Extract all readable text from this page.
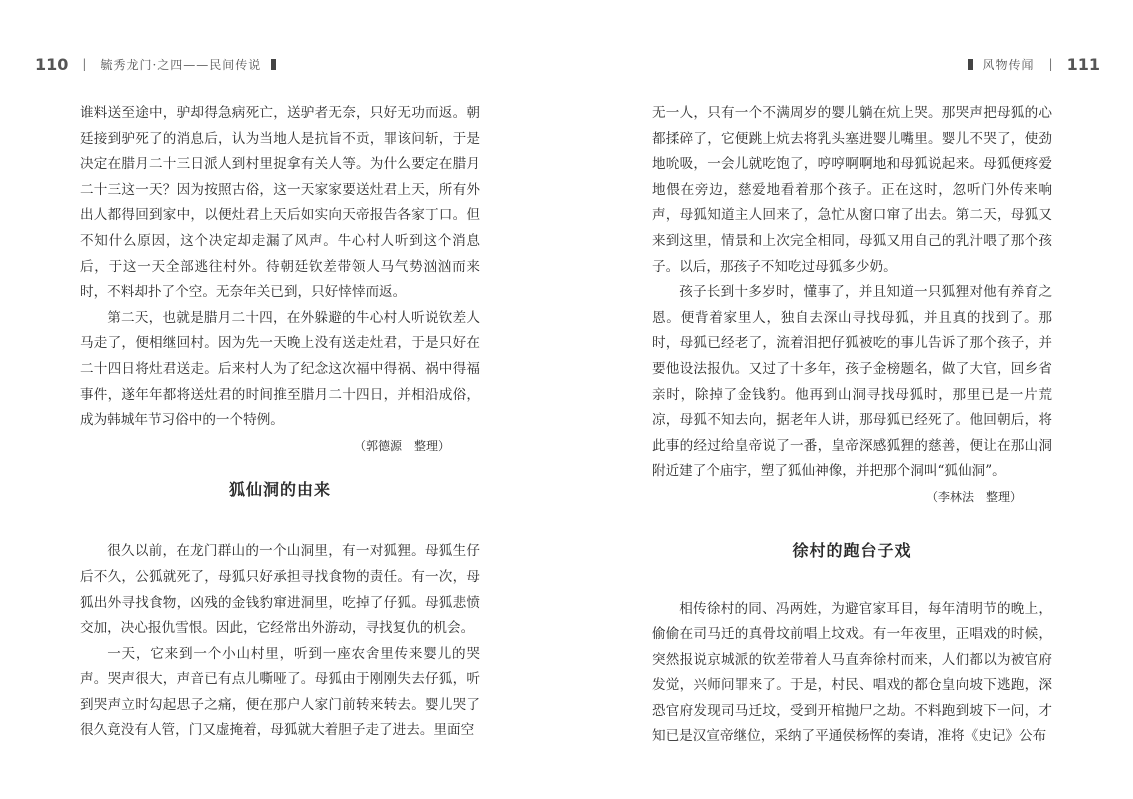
110 | 毓秀龙门·之四——民间传说

谁料送至途中，驴却得急病死亡，送驴者无奈，只好无功而返。朝廷接到驴死了的消息后，认为当地人是抗旨不贡，罪该问斩，于是决定在腊月二十三日派人到村里捉拿有关人等。为什么要定在腊月二十三这一天？因为按照古俗，这一天家家要送灶君上天，所有外出人都得回到家中，以便灶君上天后如实向天帝报告各家丁口。但不知什么原因，这个决定却走漏了风声。牛心村人听到这个消息后，于这一天全部逃往村外。待朝廷钦差带领人马气势汹汹而来时，不料却扑了个空。无奈年关已到，只好悻悻而返。

第二天，也就是腊月二十四，在外躲避的牛心村人听说钦差人马走了，便相继回村。因为先一天晚上没有送走灶君，于是只好在二十四日将灶君送走。后来村人为了纪念这次福中得祸、祸中得福事件，遂年年都将送灶君的时间推至腊月二十四日，并相沿成俗，成为韩城年节习俗中的一个特例。

（郭德源　整理）
狐仙洞的由来

很久以前，在龙门群山的一个山洞里，有一对狐狸。母狐生仔后不久，公狐就死了，母狐只好承担寻找食物的责任。有一次，母狐出外寻找食物，凶残的金钱豹窜进洞里，吃掉了仔狐。母狐悲愤交加，决心报仇雪恨。因此，它经常出外游动，寻找复仇的机会。

一天，它来到一个小山村里，听到一座农舍里传来婴儿的哭声。哭声很大，声音已有点儿嘶哑了。母狐由于刚刚失去仔狐，听到哭声立时勾起思子之痛，便在那户人家门前转来转去。婴儿哭了很久竟没有人管，门又虚掩着，母狐就大着胆子走了进去。里面空

风物传闻 | 111

无一人，只有一个不满周岁的婴儿躺在炕上哭。那哭声把母狐的心都揉碎了，它便跳上炕去将乳头塞进婴儿嘴里。婴儿不哭了，使劲地吮吸，一会儿就吃饱了，哼哼啊啊地和母狐说起来。母狐便疼爱地偎在旁边，慈爱地看着那个孩子。正在这时，忽听门外传来响声，母狐知道主人回来了，急忙从窗口窜了出去。第二天，母狐又来到这里，情景和上次完全相同，母狐又用自己的乳汁喂了那个孩子。以后，那孩子不知吃过母狐多少奶。

孩子长到十多岁时，懂事了，并且知道一只狐狸对他有养育之恩。便背着家里人，独自去深山寻找母狐，并且真的找到了。那时，母狐已经老了，流着泪把仔狐被吃的事儿告诉了那个孩子，并要他设法报仇。又过了十多年，孩子金榜题名，做了大官，回乡省亲时，除掉了金钱豹。他再到山洞寻找母狐时，那里已是一片荒凉，母狐不知去向，据老年人讲，那母狐已经死了。他回朝后，将此事的经过给皇帝说了一番，皇帝深感狐狸的慈善，便让在那山洞附近建了个庙宇，塑了狐仙神像，并把那个洞叫“狐仙洞”。

（李林法　整理）
徐村的跑台子戏

相传徐村的同、冯两姓，为避官家耳目，每年清明节的晚上，偷偷在司马迁的真骨坟前唱上坟戏。有一年夜里，正唱戏的时候，突然报说京城派的钦差带着人马直奔徐村而来，人们都以为被官府发觉，兴师问罪来了。于是，村民、唱戏的都仓皇向坡下逃跑，深恐官府发现司马迁坟，受到开棺抛尸之劫。不料跑到坡下一问，才知已是汉宣帝继位，采纳了平通侯杨恽的奏请，准将《史记》公布
